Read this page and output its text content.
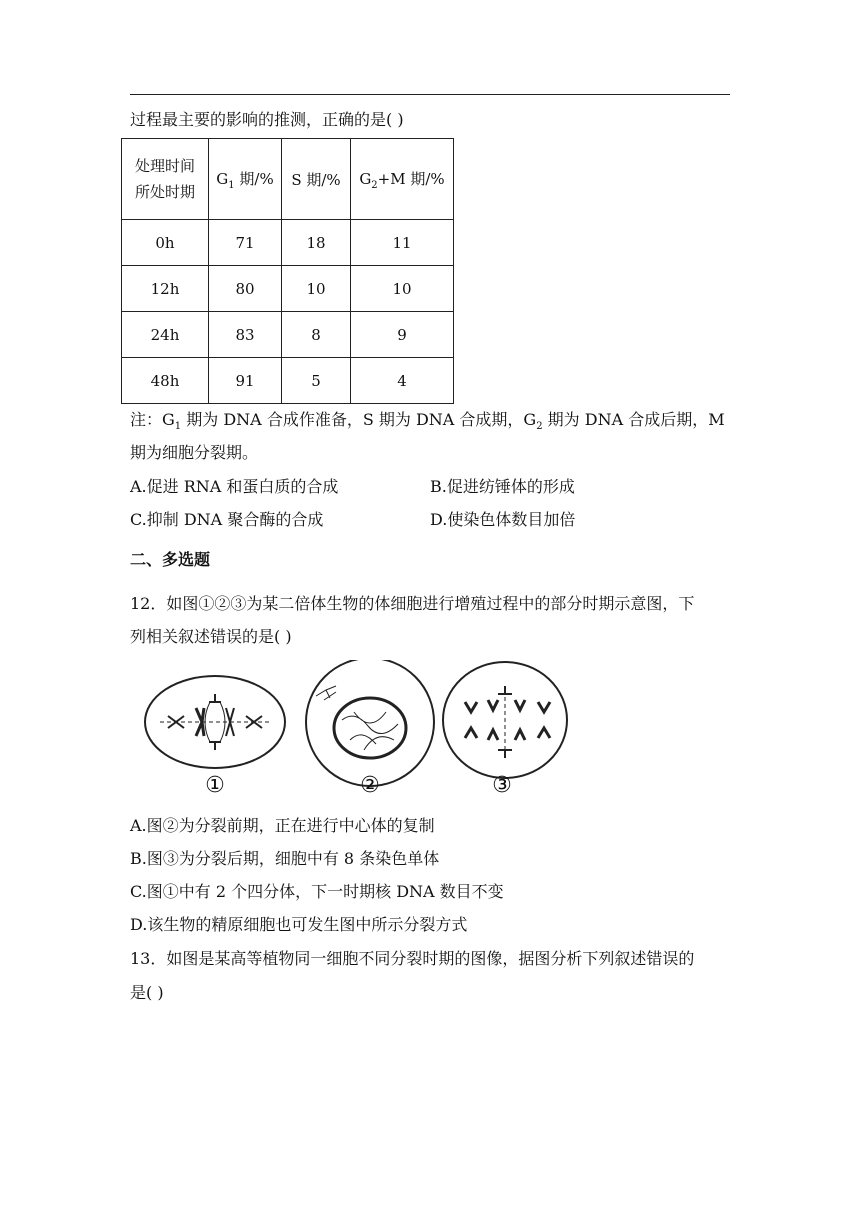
过程最主要的影响的推测，正确的是( )
处理时间
所处时期	$G_1$ 期/%	S 期/%	$G_2+M$ 期/%
0h	71	18	11
12h	80	10	10
24h	83	8	9
48h	91	5	4
注：$G_1$ 期为 DNA 合成作准备，S 期为 DNA 合成期，$G_2$ 期为 DNA 合成后期，M
期为细胞分裂期。
A.促进 RNA 和蛋白质的合成	B.促进纺锤体的形成
C.抑制 DNA 聚合酶的合成	D.使染色体数目加倍
二、多选题
12．如图①②③为某二倍体生物的体细胞进行增殖过程中的部分时期示意图，下
列相关叙述错误的是( )
①	②	③
A.图②为分裂前期，正在进行中心体的复制
B.图③为分裂后期，细胞中有 8 条染色单体
C.图①中有 2 个四分体，下一时期核 DNA 数目不变
D.该生物的精原细胞也可发生图中所示分裂方式
13．如图是某高等植物同一细胞不同分裂时期的图像，据图分析下列叙述错误的
是( )
